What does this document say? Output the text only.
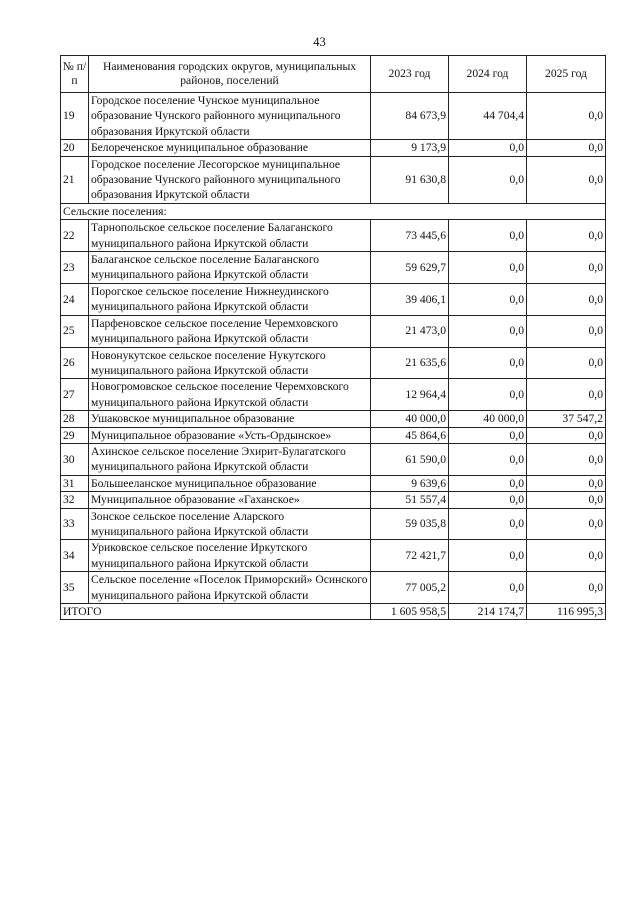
43
№ п/п	Наименования городских округов, муниципальных районов, поселений	2023 год	2024 год	2025 год
19	Городское поселение Чунское муниципальное образование Чунского районного муниципального образования Иркутской области	84 673,9	44 704,4	0,0
20	Белореченское муниципальное образование	9 173,9	0,0	0,0
21	Городское поселение Лесогорское муниципальное образование Чунского районного муниципального образования Иркутской области	91 630,8	0,0	0,0
Сельские поселения:				
22	Тарнопольское сельское поселение Балаганского муниципального района Иркутской области	73 445,6	0,0	0,0
23	Балаганское сельское поселение Балаганского муниципального района Иркутской области	59 629,7	0,0	0,0
24	Порогское сельское поселение Нижнеудинского муниципального района Иркутской области	39 406,1	0,0	0,0
25	Парфеновское сельское поселение Черемховского муниципального района Иркутской области	21 473,0	0,0	0,0
26	Новонукутское сельское поселение Нукутского муниципального района Иркутской области	21 635,6	0,0	0,0
27	Новогромовское сельское поселение Черемховского муниципального района Иркутской области	12 964,4	0,0	0,0
28	Ушаковское муниципальное образование	40 000,0	40 000,0	37 547,2
29	Муниципальное образование «Усть-Ордынское»	45 864,6	0,0	0,0
30	Ахинское сельское поселение Эхирит-Булагатского муниципального района Иркутской области	61 590,0	0,0	0,0
31	Большееланское муниципальное образование	9 639,6	0,0	0,0
32	Муниципальное образование «Гаханское»	51 557,4	0,0	0,0
33	Зонское сельское поселение Аларского муниципального района Иркутской области	59 035,8	0,0	0,0
34	Уриковское сельское поселение Иркутского муниципального района Иркутской области	72 421,7	0,0	0,0
35	Сельское поселение «Поселок Приморский» Осинского муниципального района Иркутской области	77 005,2	0,0	0,0
ИТОГО		1 605 958,5	214 174,7	116 995,3
